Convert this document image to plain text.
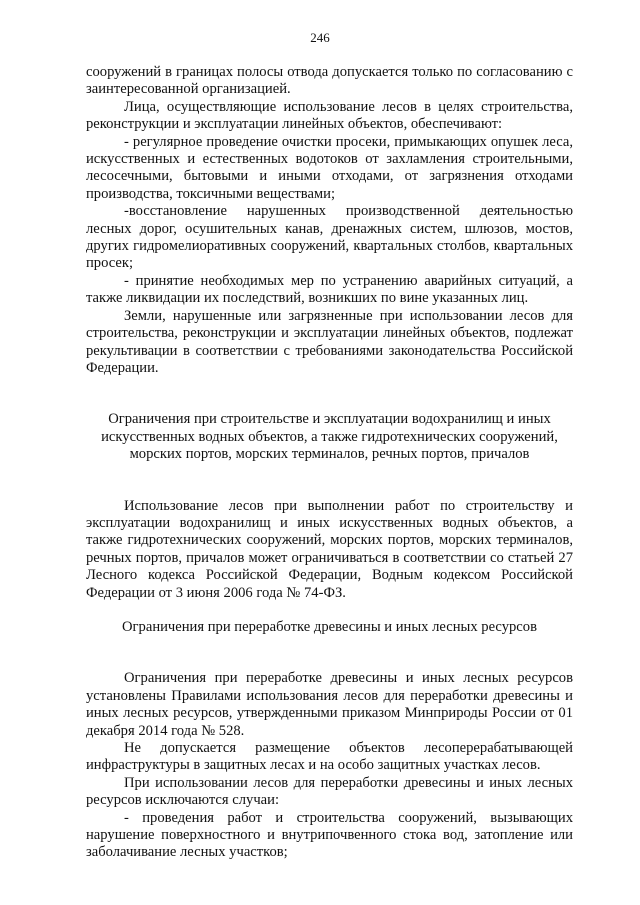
246

сооружений в границах полосы отвода допускается только по согласованию с заинтересованной организацией.

Лица, осуществляющие использование лесов в целях строительства, реконструкции и эксплуатации линейных объектов, обеспечивают:

- регулярное проведение очистки просеки, примыкающих опушек леса, искусственных и естественных водотоков от захламления строительными, лесосечными, бытовыми и иными отходами, от загрязнения отходами производства, токсичными веществами;

-восстановление нарушенных производственной деятельностью лесных дорог, осушительных канав, дренажных систем, шлюзов, мостов, других гидромелиоративных сооружений, квартальных столбов, квартальных просек;

- принятие необходимых мер по устранению аварийных ситуаций, а также ликвидации их последствий, возникших по вине указанных лиц.

Земли, нарушенные или загрязненные при использовании лесов для строительства, реконструкции и эксплуатации линейных объектов, подлежат рекультивации в соответствии с требованиями законодательства Российской Федерации.

Ограничения при строительстве и эксплуатации водохранилищ и иных
искусственных водных объектов, а также гидротехнических сооружений,
морских портов, морских терминалов, речных портов, причалов

Использование лесов при выполнении работ по строительству и эксплуатации водохранилищ и иных искусственных водных объектов, а также гидротехнических сооружений, морских портов, морских терминалов, речных портов, причалов может ограничиваться в соответствии со статьей 27 Лесного кодекса Российской Федерации, Водным кодексом Российской Федерации от 3 июня 2006 года № 74-ФЗ.

Ограничения при переработке древесины и иных лесных ресурсов

Ограничения при переработке древесины и иных лесных ресурсов установлены Правилами использования лесов для переработки древесины и иных лесных ресурсов, утвержденными приказом Минприроды России от 01 декабря 2014 года № 528.

Не допускается размещение объектов лесоперерабатывающей инфраструктуры в защитных лесах и на особо защитных участках лесов.

При использовании лесов для переработки древесины и иных лесных ресурсов исключаются случаи:

- проведения работ и строительства сооружений, вызывающих нарушение поверхностного и внутрипочвенного стока вод, затопление или заболачивание лесных участков;
